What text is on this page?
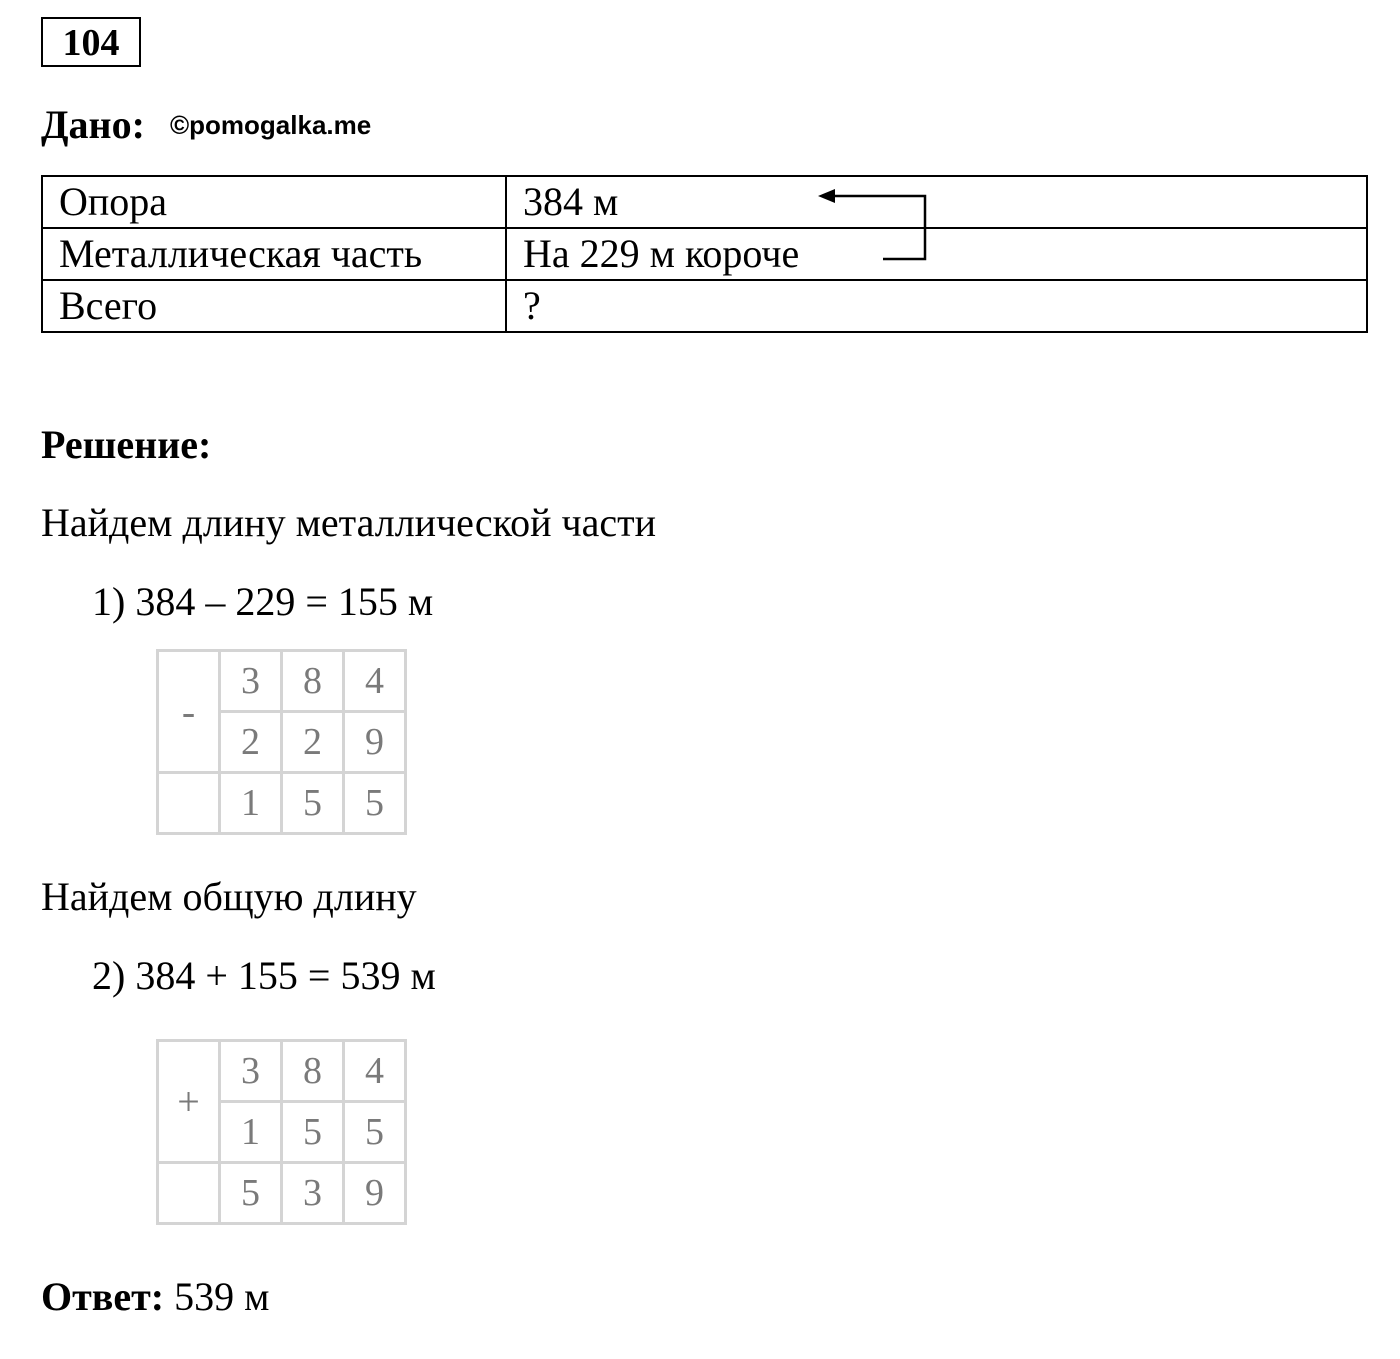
104
Дано: ©pomogalka.me
Опора	384 м
Металлическая часть	На 229 м короче
Всего	?
Решение:
Найдем длину металлической части
1) 384 – 229 = 155 м
-	3	8	4
	2	2	9
	1	5	5
Найдем общую длину
2) 384 + 155 = 539 м
+	3	8	4
	1	5	5
	5	3	9
Ответ: 539 м
